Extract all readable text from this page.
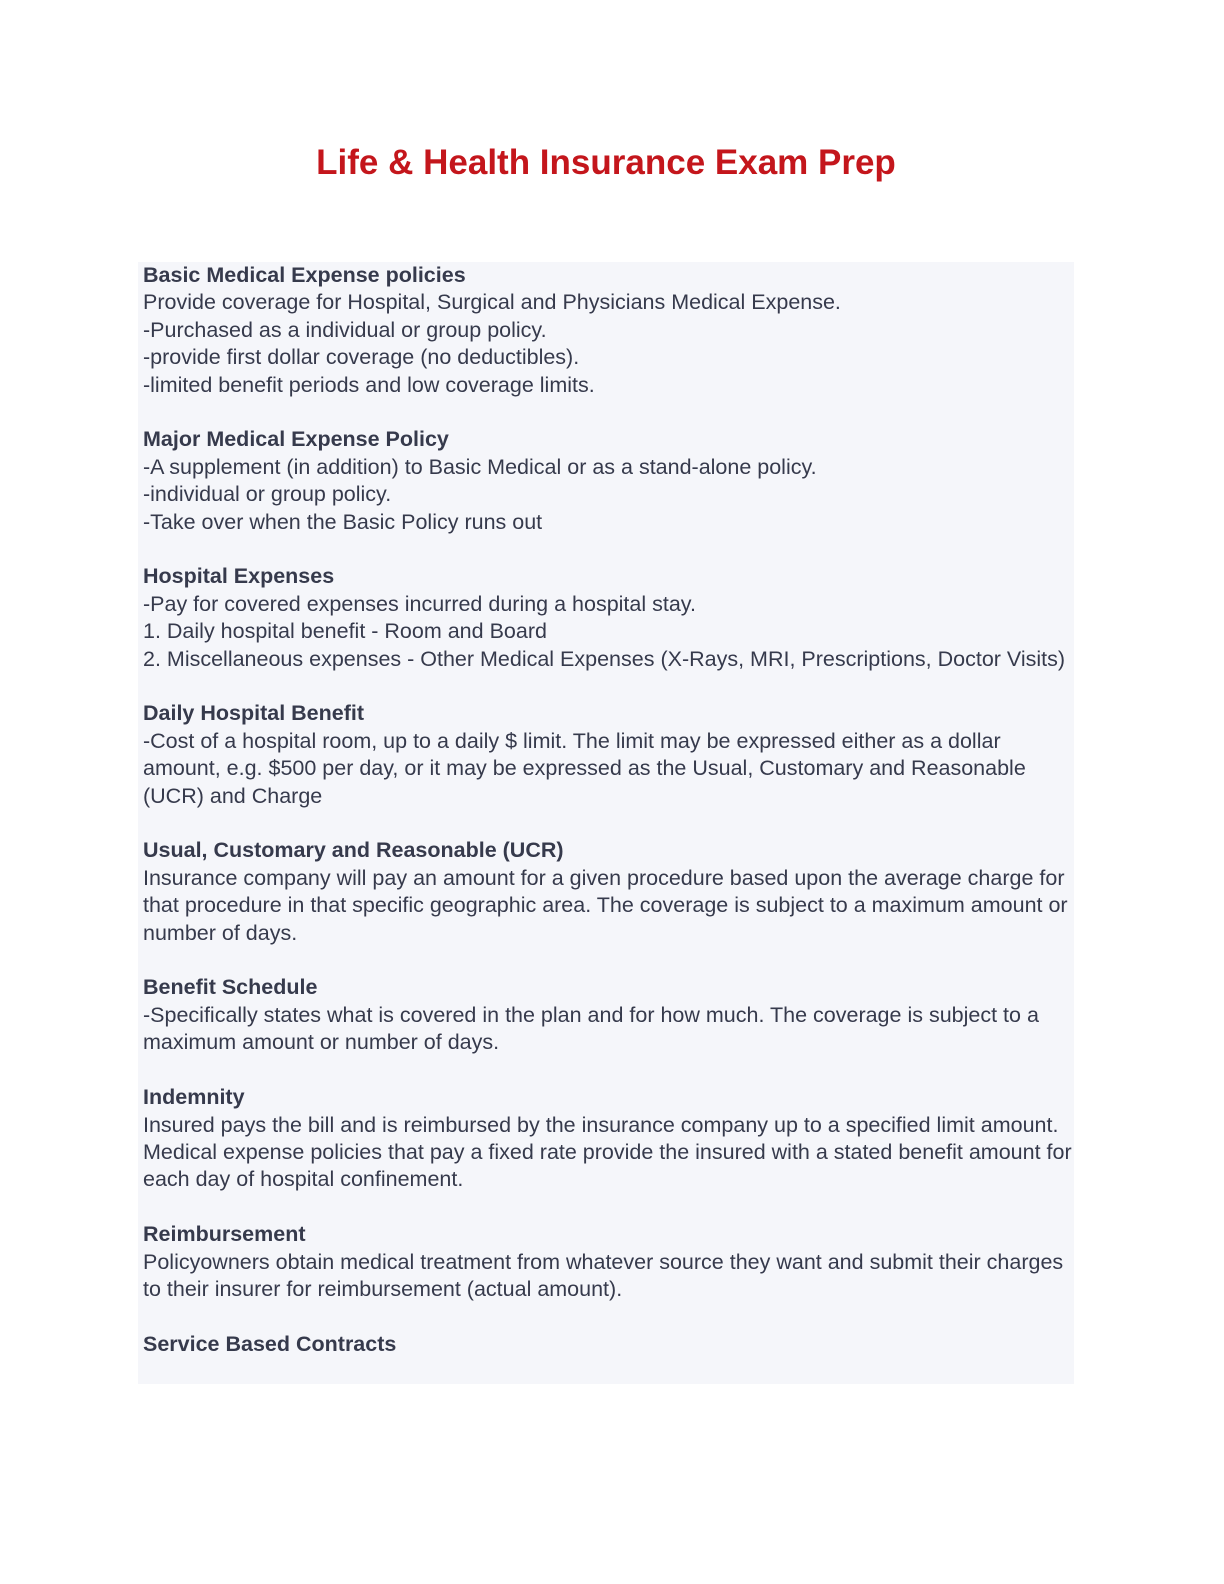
Life & Health Insurance Exam Prep
Basic Medical Expense policies
Provide coverage for Hospital, Surgical and Physicians Medical Expense.
-Purchased as a individual or group policy.
-provide first dollar coverage (no deductibles).
-limited benefit periods and low coverage limits.
Major Medical Expense Policy
-A supplement (in addition) to Basic Medical or as a stand-alone policy.
-individual or group policy.
-Take over when the Basic Policy runs out
Hospital Expenses
-Pay for covered expenses incurred during a hospital stay.
1. Daily hospital benefit - Room and Board
2. Miscellaneous expenses - Other Medical Expenses (X-Rays, MRI, Prescriptions, Doctor Visits)
Daily Hospital Benefit
-Cost of a hospital room, up to a daily $ limit. The limit may be expressed either as a dollar amount, e.g. $500 per day, or it may be expressed as the Usual, Customary and Reasonable (UCR) and Charge
Usual, Customary and Reasonable (UCR)
Insurance company will pay an amount for a given procedure based upon the average charge for that procedure in that specific geographic area. The coverage is subject to a maximum amount or number of days.
Benefit Schedule
-Specifically states what is covered in the plan and for how much. The coverage is subject to a maximum amount or number of days.
Indemnity
Insured pays the bill and is reimbursed by the insurance company up to a specified limit amount. Medical expense policies that pay a fixed rate provide the insured with a stated benefit amount for each day of hospital confinement.
Reimbursement
Policyowners obtain medical treatment from whatever source they want and submit their charges to their insurer for reimbursement (actual amount).
Service Based Contracts
